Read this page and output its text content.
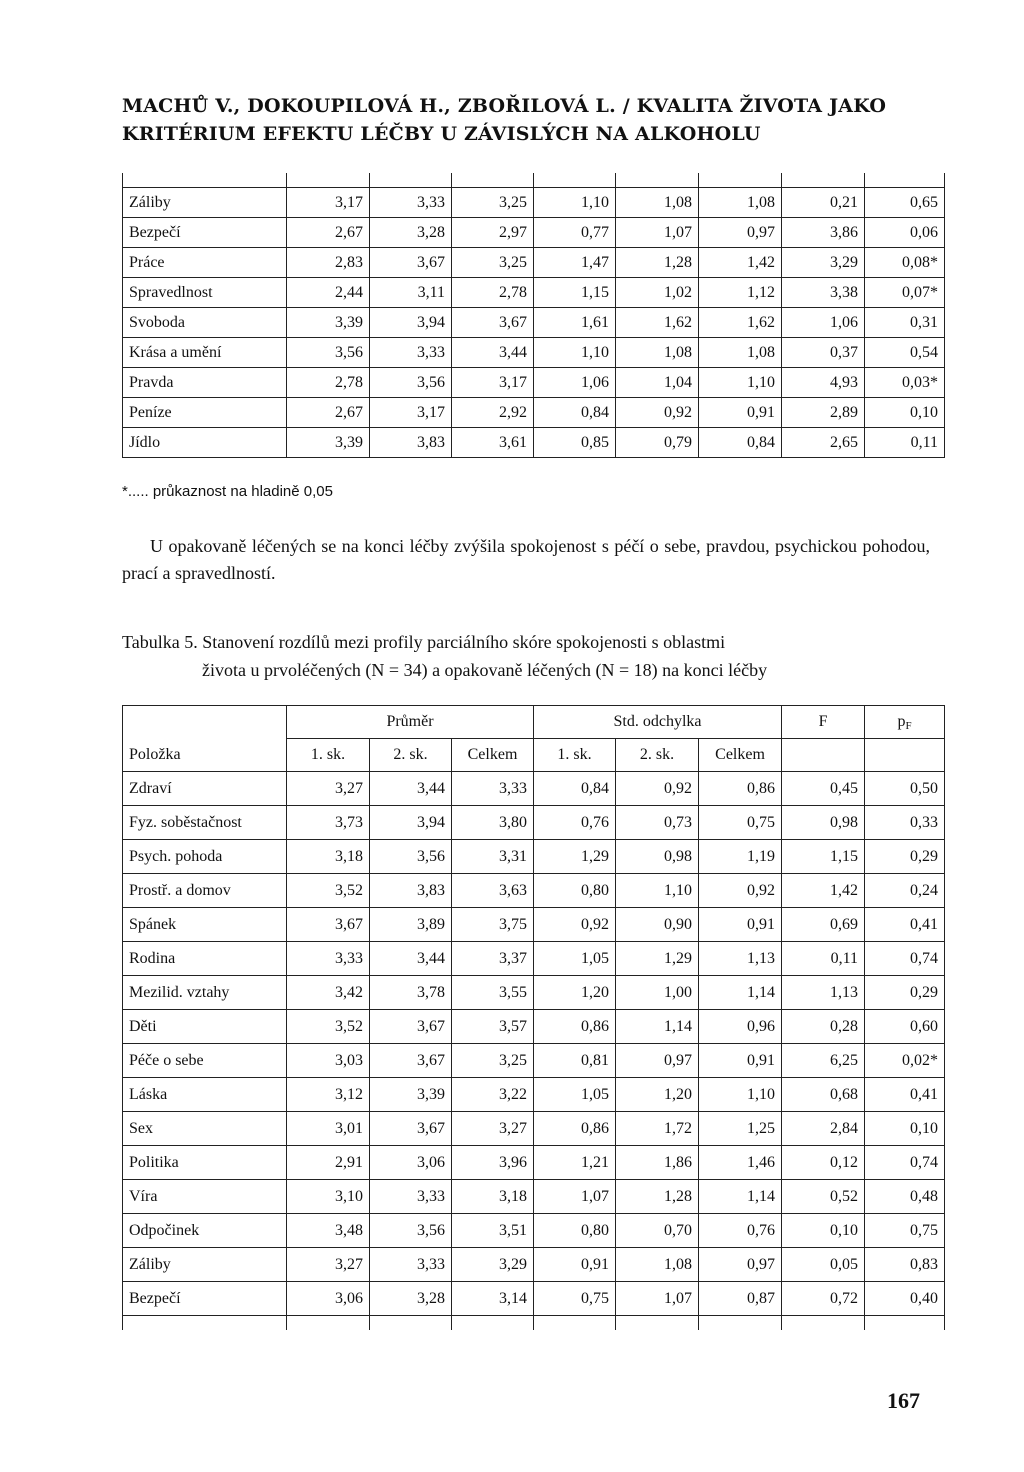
MACHŮ V., DOKOUPILOVÁ H., ZBOŘILOVÁ L. / KVALITA ŽIVOTA JAKO
KRITÉRIUM EFEKTU LÉČBY U ZÁVISLÝCH NA ALKOHOLU

Záliby	3,17	3,33	3,25	1,10	1,08	1,08	0,21	0,65
Bezpečí	2,67	3,28	2,97	0,77	1,07	0,97	3,86	0,06
Práce	2,83	3,67	3,25	1,47	1,28	1,42	3,29	0,08*
Spravedlnost	2,44	3,11	2,78	1,15	1,02	1,12	3,38	0,07*
Svoboda	3,39	3,94	3,67	1,61	1,62	1,62	1,06	0,31
Krása a umění	3,56	3,33	3,44	1,10	1,08	1,08	0,37	0,54
Pravda	2,78	3,56	3,17	1,06	1,04	1,10	4,93	0,03*
Peníze	2,67	3,17	2,92	0,84	0,92	0,91	2,89	0,10
Jídlo	3,39	3,83	3,61	0,85	0,79	0,84	2,65	0,11
*..... průkaznost na hladině 0,05
U opakovaně léčených se na konci léčby zvýšila spokojenost s péčí o sebe, pravdou, psychickou pohodou, prací a spravedlností.
Tabulka 5. Stanovení rozdílů mezi profily parciálního skóre spokojenosti s oblastmi
života u prvoléčených (N = 34) a opakovaně léčených (N = 18) na konci léčby
	Průměr			Std. odchylka			F	pF
Položka	1. sk.	2. sk.	Celkem	1. sk.	2. sk.	Celkem		
Zdraví	3,27	3,44	3,33	0,84	0,92	0,86	0,45	0,50
Fyz. soběstačnost	3,73	3,94	3,80	0,76	0,73	0,75	0,98	0,33
Psych. pohoda	3,18	3,56	3,31	1,29	0,98	1,19	1,15	0,29
Prostř. a domov	3,52	3,83	3,63	0,80	1,10	0,92	1,42	0,24
Spánek	3,67	3,89	3,75	0,92	0,90	0,91	0,69	0,41
Rodina	3,33	3,44	3,37	1,05	1,29	1,13	0,11	0,74
Mezilid. vztahy	3,42	3,78	3,55	1,20	1,00	1,14	1,13	0,29
Děti	3,52	3,67	3,57	0,86	1,14	0,96	0,28	0,60
Péče o sebe	3,03	3,67	3,25	0,81	0,97	0,91	6,25	0,02*
Láska	3,12	3,39	3,22	1,05	1,20	1,10	0,68	0,41
Sex	3,01	3,67	3,27	0,86	1,72	1,25	2,84	0,10
Politika	2,91	3,06	3,96	1,21	1,86	1,46	0,12	0,74
Víra	3,10	3,33	3,18	1,07	1,28	1,14	0,52	0,48
Odpočinek	3,48	3,56	3,51	0,80	0,70	0,76	0,10	0,75
Záliby	3,27	3,33	3,29	0,91	1,08	0,97	0,05	0,83
Bezpečí	3,06	3,28	3,14	0,75	1,07	0,87	0,72	0,40

167
